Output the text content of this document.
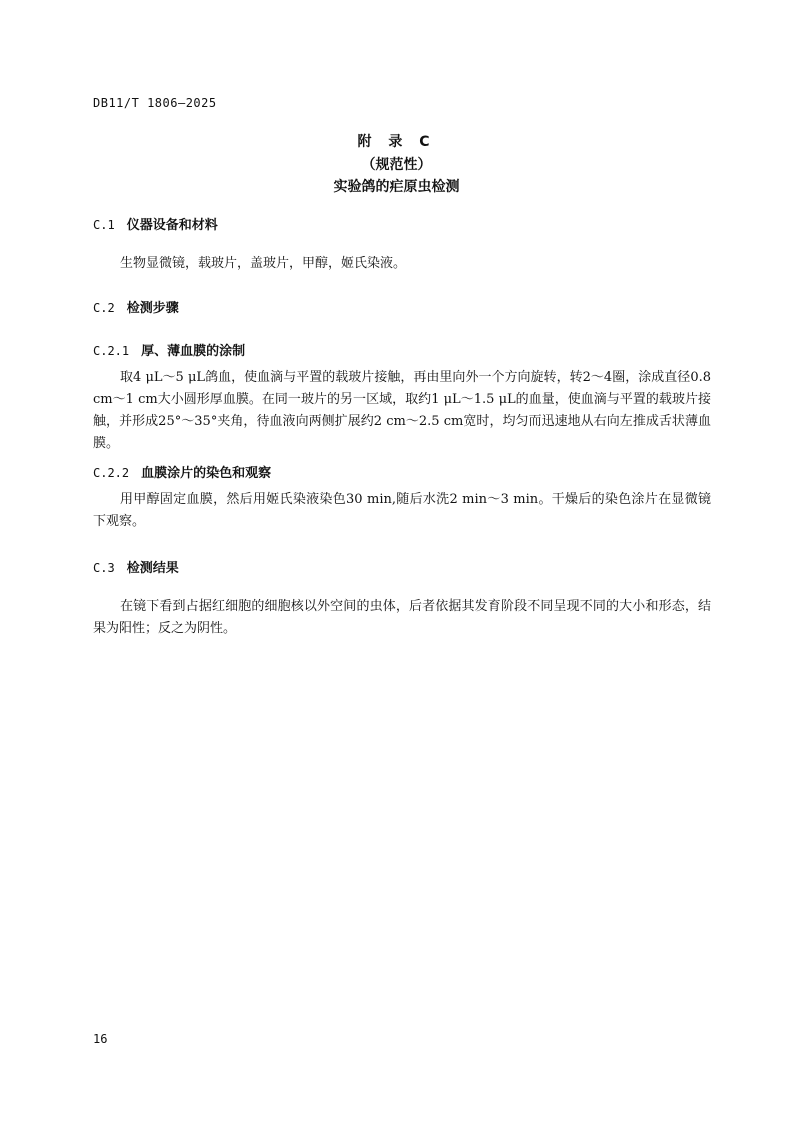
DB11/T 1806—2025
附 录 C
（规范性）
实验鸽的疟原虫检测
C.1 仪器设备和材料
生物显微镜，载玻片，盖玻片，甲醇，姬氏染液。
C.2 检测步骤
C.2.1 厚、薄血膜的涂制
取4 μL～5 μL鸽血，使血滴与平置的载玻片接触，再由里向外一个方向旋转，转2～4圈，涂成直径0.8 cm～1 cm大小圆形厚血膜。在同一玻片的另一区域，取约1 μL～1.5 μL的血量，使血滴与平置的载玻片接触，并形成25°～35°夹角，待血液向两侧扩展约2 cm～2.5 cm宽时，均匀而迅速地从右向左推成舌状薄血膜。
C.2.2 血膜涂片的染色和观察
用甲醇固定血膜，然后用姬氏染液染色30 min,随后水洗2 min～3 min。干燥后的染色涂片在显微镜下观察。
C.3 检测结果
在镜下看到占据红细胞的细胞核以外空间的虫体，后者依据其发育阶段不同呈现不同的大小和形态，结果为阳性；反之为阴性。
16
